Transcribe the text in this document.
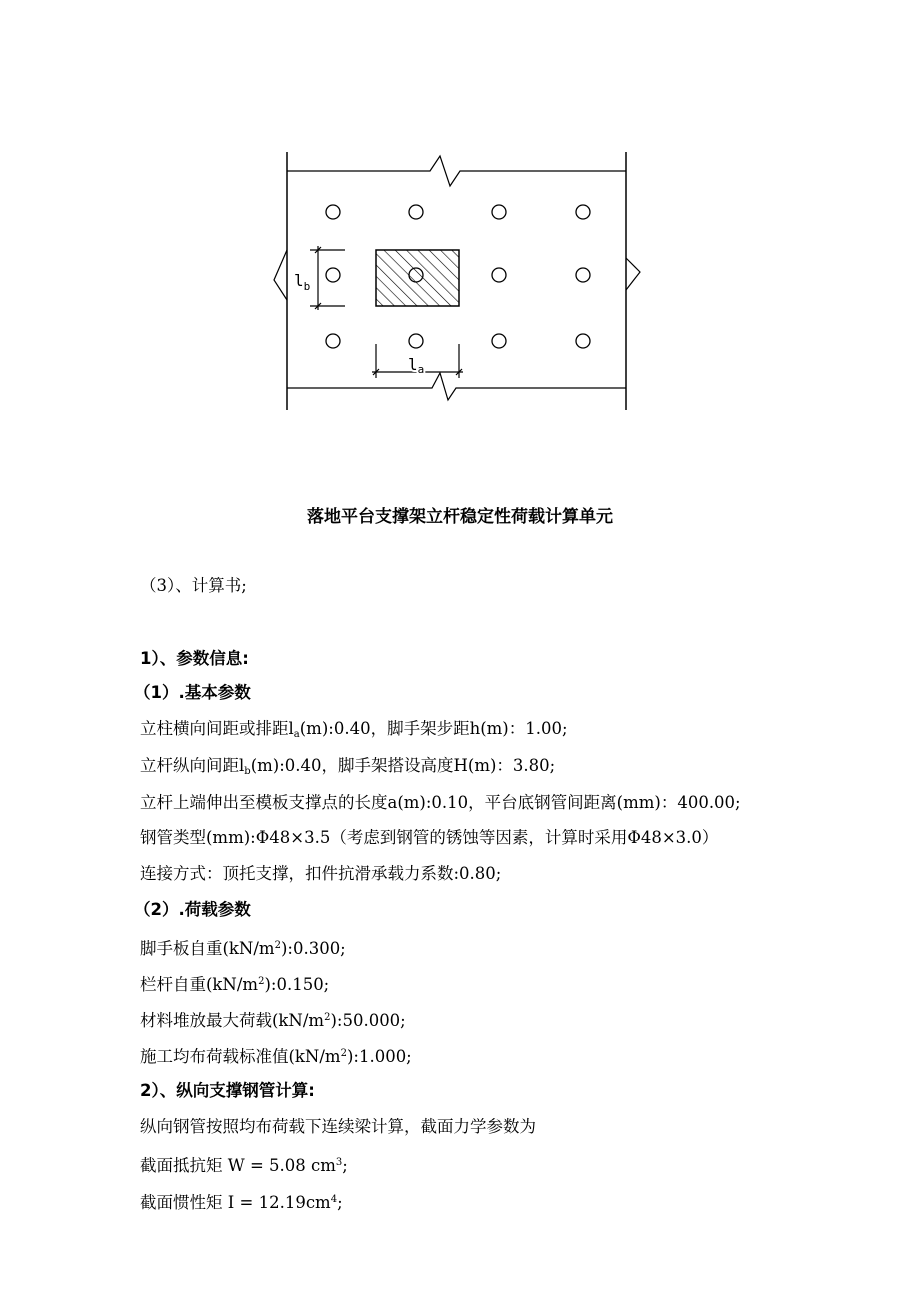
$l_b$
la
落地平台支撑架立杆稳定性荷载计算单元
（3）、计算书;
1）、参数信息:
（1）.基本参数
立柱横向间距或排距$l_a(m):0.40$，脚手架步距h(m)：1.00;
立杆纵向间距$l_b(m):0.40$，脚手架搭设高度H(m)：3.80;
立杆上端伸出至模板支撑点的长度a(m):0.10，平台底钢管间距离(mm)：400.00;
钢管类型(mm):Φ48×3.5（考虑到钢管的锈蚀等因素，计算时采用Φ48×3.0）
连接方式：顶托支撑，扣件抗滑承载力系数:0.80;
（2）.荷载参数
脚手板自重$(kN/m^2):0.300$;
栏杆自重$(kN/m^2):0.150$;
材料堆放最大荷载$(kN/m^2):50.000$;
施工均布荷载标准值$(kN/m^2):1.000$;
2）、纵向支撑钢管计算:
纵向钢管按照均布荷载下连续梁计算，截面力学参数为
截面抵抗矩 W = 5.08 $cm^3$;
截面惯性矩 $I = 12.19cm^4$;
